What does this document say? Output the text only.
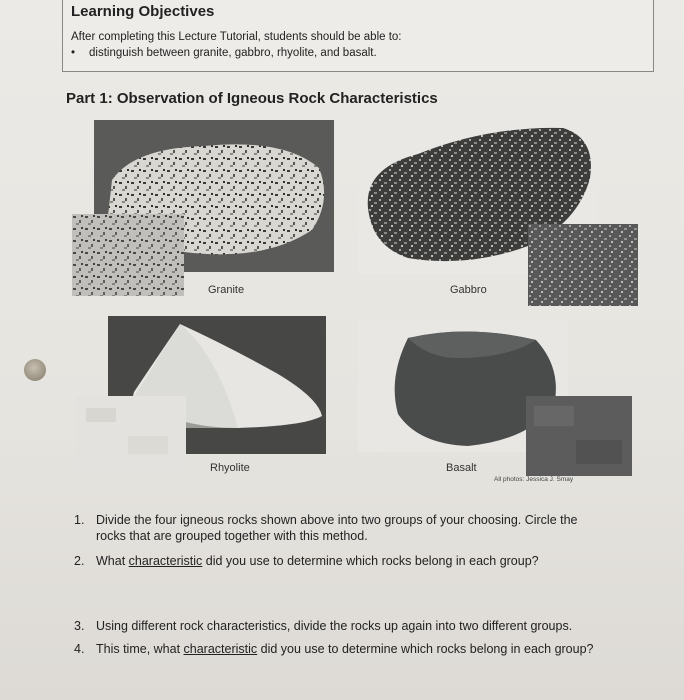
Learning Objectives
After completing this Lecture Tutorial, students should be able to:
• distinguish between granite, gabbro, rhyolite, and basalt.
Part 1: Observation of Igneous Rock Characteristics
Granite	Gabbro
Rhyolite	Basalt
All photos: Jessica J. Smay
1. Divide the four igneous rocks shown above into two groups of your choosing. Circle the
rocks that are grouped together with this method.
2. What characteristic did you use to determine which rocks belong in each group?
3. Using different rock characteristics, divide the rocks up again into two different groups.
4. This time, what characteristic did you use to determine which rocks belong in each group?
